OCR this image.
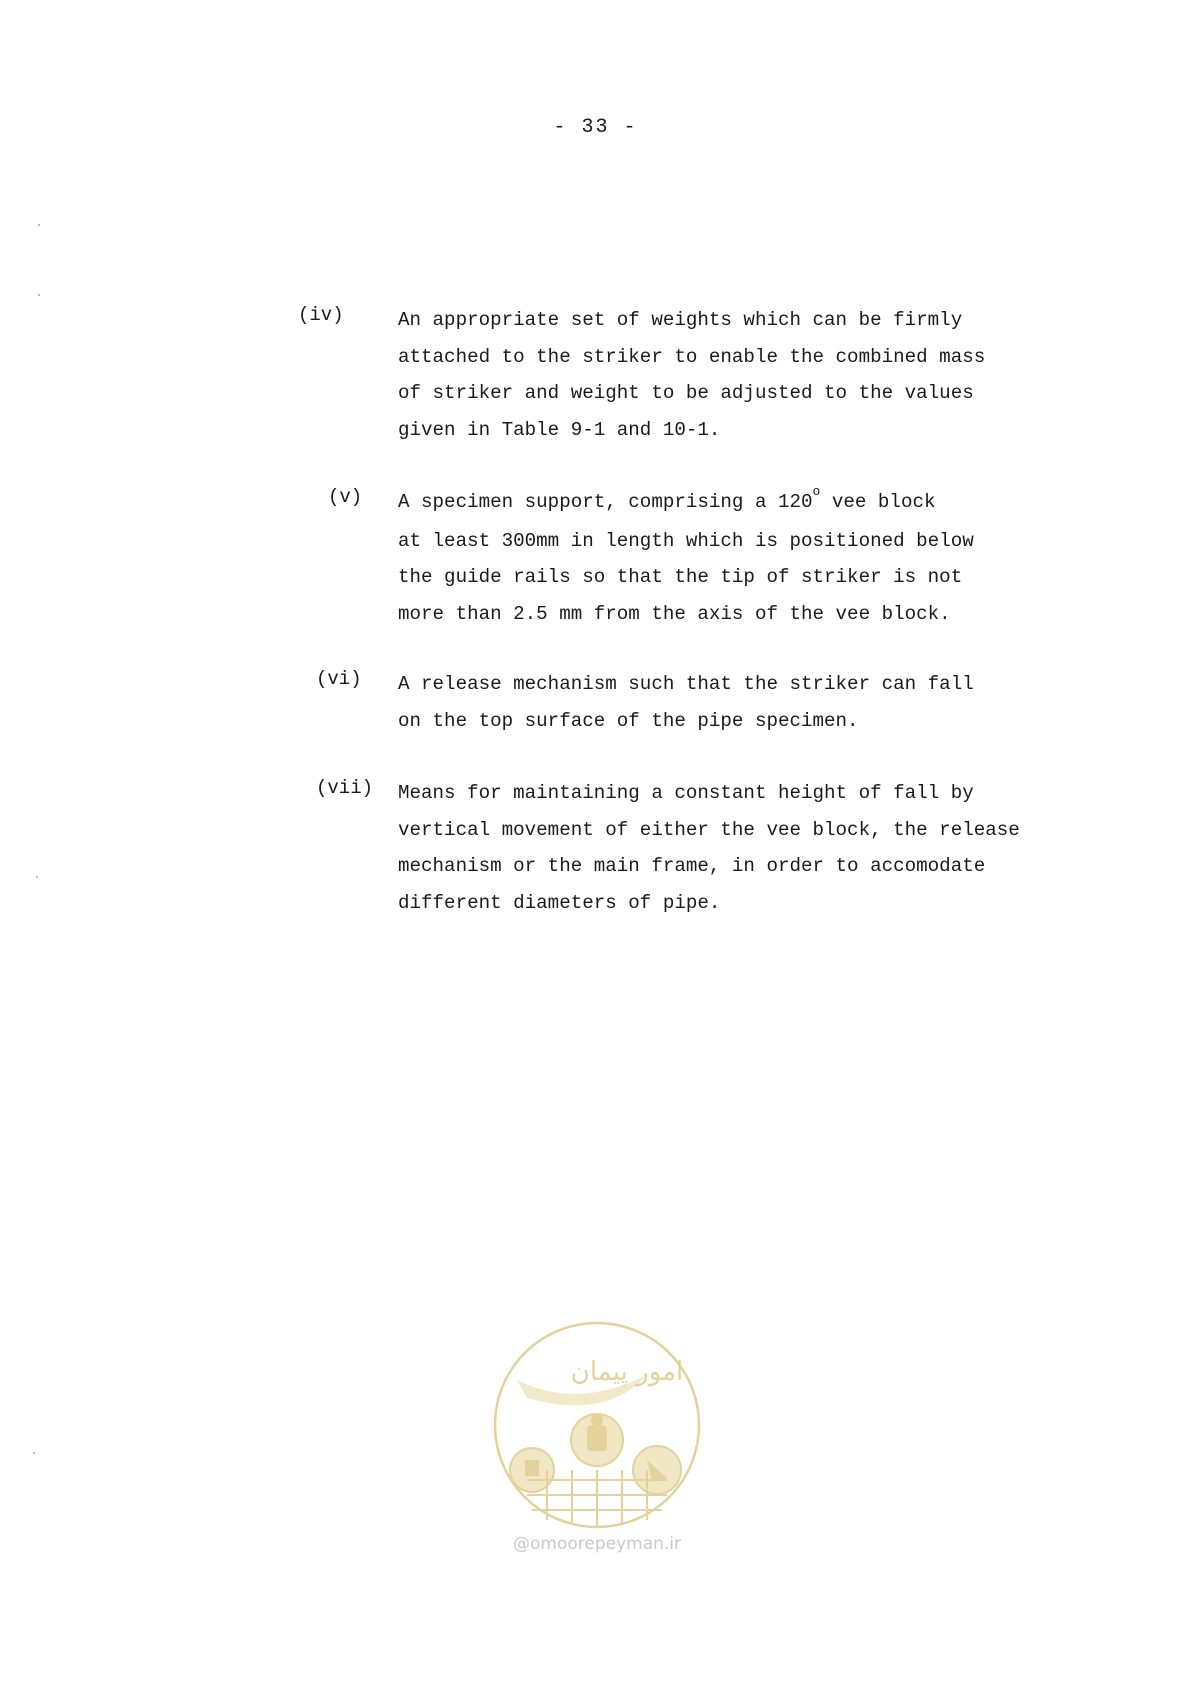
- 33 -
(iv)	An appropriate set of weights which can be firmly
attached to the striker to enable the combined mass
of striker and weight to be adjusted to the values
given in Table 9-1 and 10-1.
(v)	A specimen support, comprising a 120$^o$ vee block
at least 300mm in length which is positioned below
the guide rails so that the tip of striker is not
more than 2.5 mm from the axis of the vee block.
(vi)	A release mechanism such that the striker can fall
on the top surface of the pipe specimen.
(vii) Means for maintaining a constant height of fall by
vertical movement of either the vee block, the release
mechanism or the main frame, in order to accomodate
different diameters of pipe.
امور پیمان
@omoorepeyman.ir
